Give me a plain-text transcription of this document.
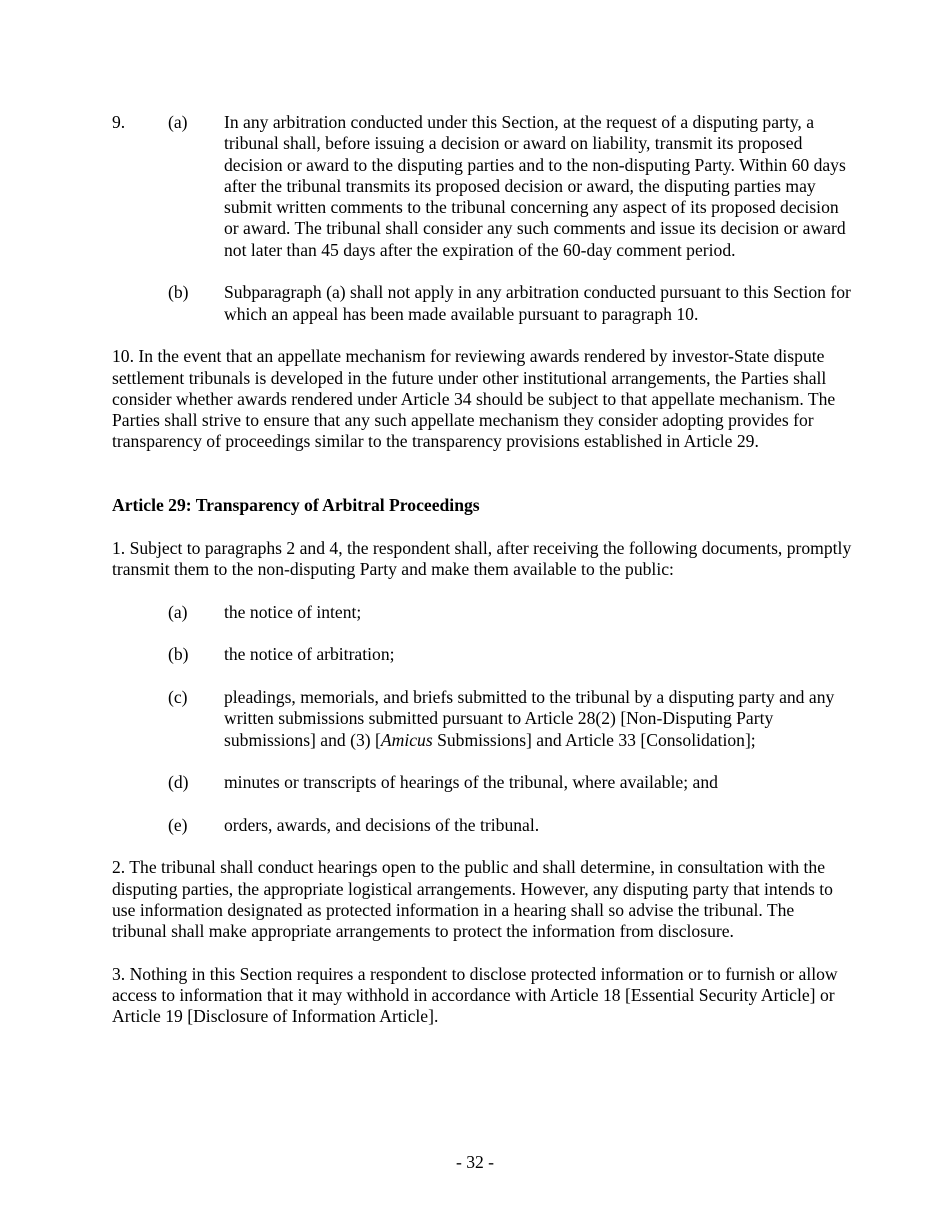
9.	(a)	In any arbitration conducted under this Section, at the request of a disputing party, a tribunal shall, before issuing a decision or award on liability, transmit its proposed decision or award to the disputing parties and to the non-disputing Party. Within 60 days after the tribunal transmits its proposed decision or award, the disputing parties may submit written comments to the tribunal concerning any aspect of its proposed decision or award. The tribunal shall consider any such comments and issue its decision or award not later than 45 days after the expiration of the 60-day comment period.
(b)	Subparagraph (a) shall not apply in any arbitration conducted pursuant to this Section for which an appeal has been made available pursuant to paragraph 10.

10. In the event that an appellate mechanism for reviewing awards rendered by investor-State dispute settlement tribunals is developed in the future under other institutional arrangements, the Parties shall consider whether awards rendered under Article 34 should be subject to that appellate mechanism. The Parties shall strive to ensure that any such appellate mechanism they consider adopting provides for transparency of proceedings similar to the transparency provisions established in Article 29.

Article 29: Transparency of Arbitral Proceedings

1. Subject to paragraphs 2 and 4, the respondent shall, after receiving the following documents, promptly transmit them to the non-disputing Party and make them available to the public:

(a)	the notice of intent;
(b)	the notice of arbitration;
(c)	pleadings, memorials, and briefs submitted to the tribunal by a disputing party and any written submissions submitted pursuant to Article 28(2) [Non-Disputing Party submissions] and (3) [Amicus Submissions] and Article 33 [Consolidation];
(d)	minutes or transcripts of hearings of the tribunal, where available; and
(e)	orders, awards, and decisions of the tribunal.

2. The tribunal shall conduct hearings open to the public and shall determine, in consultation with the disputing parties, the appropriate logistical arrangements. However, any disputing party that intends to use information designated as protected information in a hearing shall so advise the tribunal. The tribunal shall make appropriate arrangements to protect the information from disclosure.

3. Nothing in this Section requires a respondent to disclose protected information or to furnish or allow access to information that it may withhold in accordance with Article 18 [Essential Security Article] or Article 19 [Disclosure of Information Article].

- 32 -
